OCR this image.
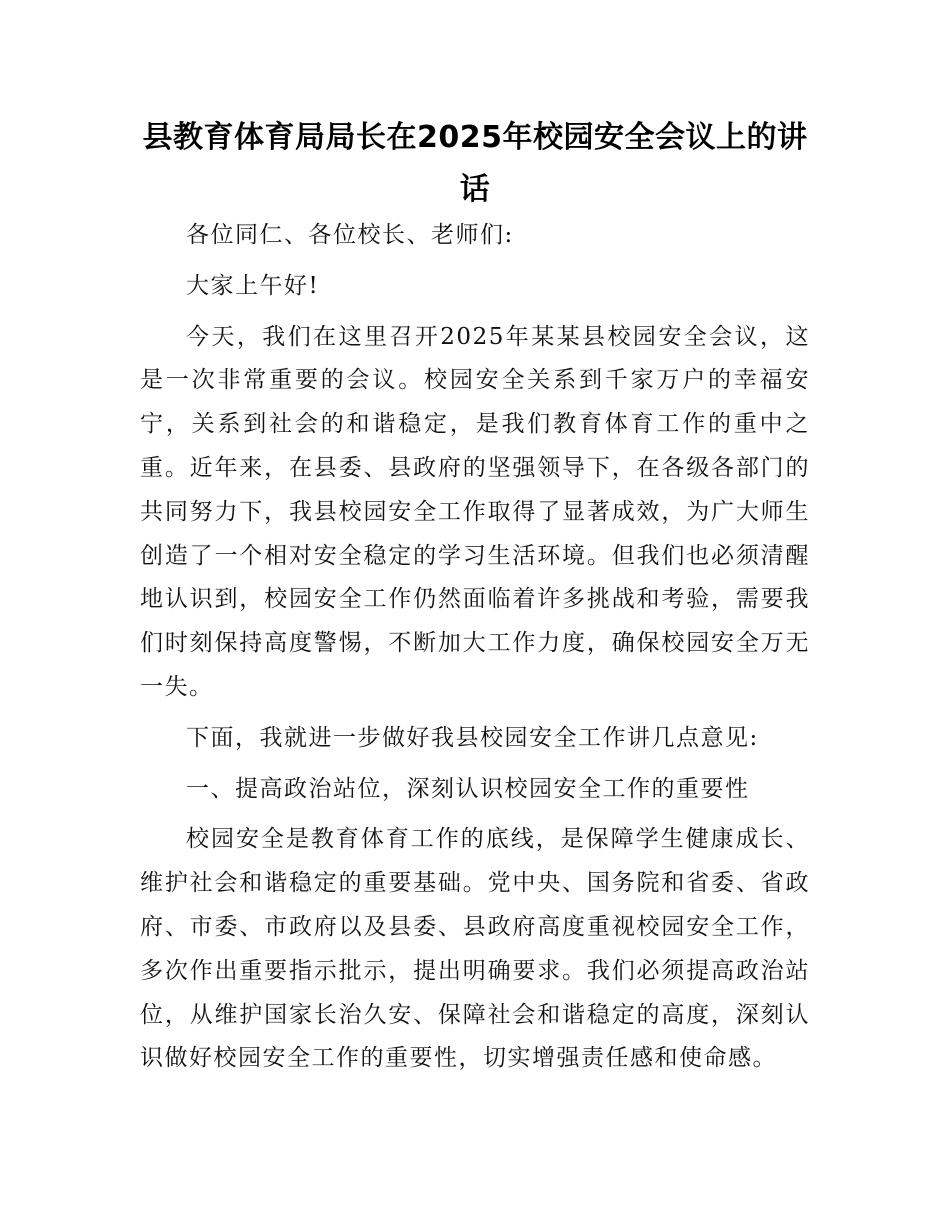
县教育体育局局长在2025年校园安全会议上的讲话

各位同仁、各位校长、老师们:

大家上午好!

今天，我们在这里召开2025年某某县校园安全会议，这是一次非常重要的会议。校园安全关系到千家万户的幸福安宁，关系到社会的和谐稳定，是我们教育体育工作的重中之重。近年来，在县委、县政府的坚强领导下，在各级各部门的共同努力下，我县校园安全工作取得了显著成效，为广大师生创造了一个相对安全稳定的学习生活环境。但我们也必须清醒地认识到，校园安全工作仍然面临着许多挑战和考验，需要我们时刻保持高度警惕，不断加大工作力度，确保校园安全万无一失。

下面，我就进一步做好我县校园安全工作讲几点意见:

一、提高政治站位，深刻认识校园安全工作的重要性

校园安全是教育体育工作的底线，是保障学生健康成长、维护社会和谐稳定的重要基础。党中央、国务院和省委、省政府、市委、市政府以及县委、县政府高度重视校园安全工作，多次作出重要指示批示，提出明确要求。我们必须提高政治站位，从维护国家长治久安、保障社会和谐稳定的高度，深刻认识做好校园安全工作的重要性，切实增强责任感和使命感。
